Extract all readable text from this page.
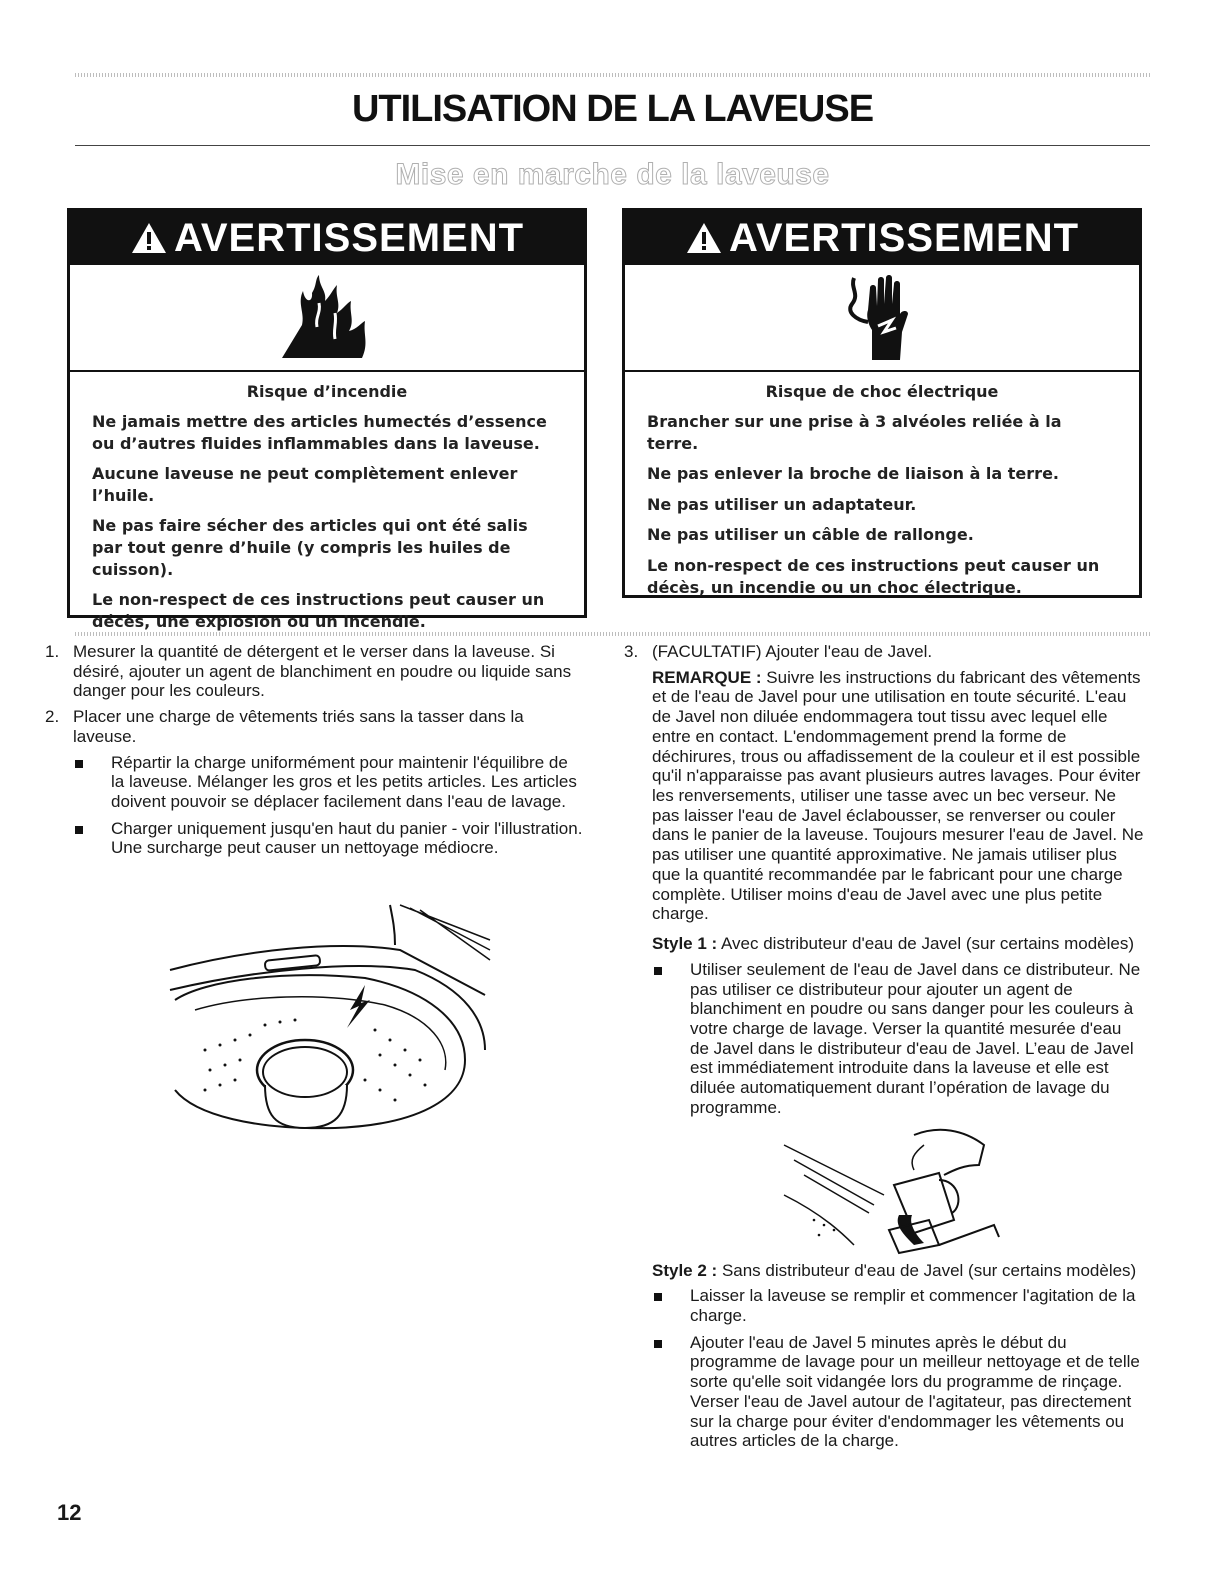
UTILISATION DE LA LAVEUSE
Mise en marche de la laveuse
AVERTISSEMENT
Risque d’incendie

Ne jamais mettre des articles humectés d’essence ou d’autres fluides inflammables dans la laveuse.

Aucune laveuse ne peut complètement enlever l’huile.

Ne pas faire sécher des articles qui ont été salis par tout genre d’huile (y compris les huiles de cuisson).

Le non-respect de ces instructions peut causer un décès, une explosion ou un incendie.

AVERTISSEMENT
Risque de choc électrique

Brancher sur une prise à 3 alvéoles reliée à la terre.

Ne pas enlever la broche de liaison à la terre.

Ne pas utiliser un adaptateur.

Ne pas utiliser un câble de rallonge.

Le non-respect de ces instructions peut causer un décès, un incendie ou un choc électrique.

1. Mesurer la quantité de détergent et le verser dans la laveuse. Si désiré, ajouter un agent de blanchiment en poudre ou liquide sans danger pour les couleurs.
2. Placer une charge de vêtements triés sans la tasser dans la laveuse.
Répartir la charge uniformément pour maintenir l'équilibre de la laveuse. Mélanger les gros et les petits articles. Les articles doivent pouvoir se déplacer facilement dans l'eau de lavage.
Charger uniquement jusqu'en haut du panier - voir l'illustration. Une surcharge peut causer un nettoyage médiocre.
3. (FACULTATIF) Ajouter l'eau de Javel.

REMARQUE : Suivre les instructions du fabricant des vêtements et de l'eau de Javel pour une utilisation en toute sécurité. L'eau de Javel non diluée endommagera tout tissu avec lequel elle entre en contact. L'endommagement prend la forme de déchirures, trous ou affadissement de la couleur et il est possible qu'il n'apparaisse pas avant plusieurs autres lavages. Pour éviter les renversements, utiliser une tasse avec un bec verseur. Ne pas laisser l'eau de Javel éclabousser, se renverser ou couler dans le panier de la laveuse. Toujours mesurer l'eau de Javel. Ne pas utiliser une quantité approximative. Ne jamais utiliser plus que la quantité recommandée par le fabricant pour une charge complète. Utiliser moins d'eau de Javel avec une plus petite charge.

Style 1 : Avec distributeur d'eau de Javel (sur certains modèles)

Utiliser seulement de l'eau de Javel dans ce distributeur. Ne pas utiliser ce distributeur pour ajouter un agent de blanchiment en poudre ou sans danger pour les couleurs à votre charge de lavage. Verser la quantité mesurée d'eau de Javel dans le distributeur d'eau de Javel. L’eau de Javel est immédiatement introduite dans la laveuse et elle est diluée automatiquement durant l’opération de lavage du programme.

Style 2 : Sans distributeur d'eau de Javel (sur certains modèles)

Laisser la laveuse se remplir et commencer l'agitation de la charge.
Ajouter l'eau de Javel 5 minutes après le début du programme de lavage pour un meilleur nettoyage et de telle sorte qu'elle soit vidangée lors du programme de rinçage. Verser l'eau de Javel autour de l'agitateur, pas directement sur la charge pour éviter d'endommager les vêtements ou autres articles de la charge.
12
